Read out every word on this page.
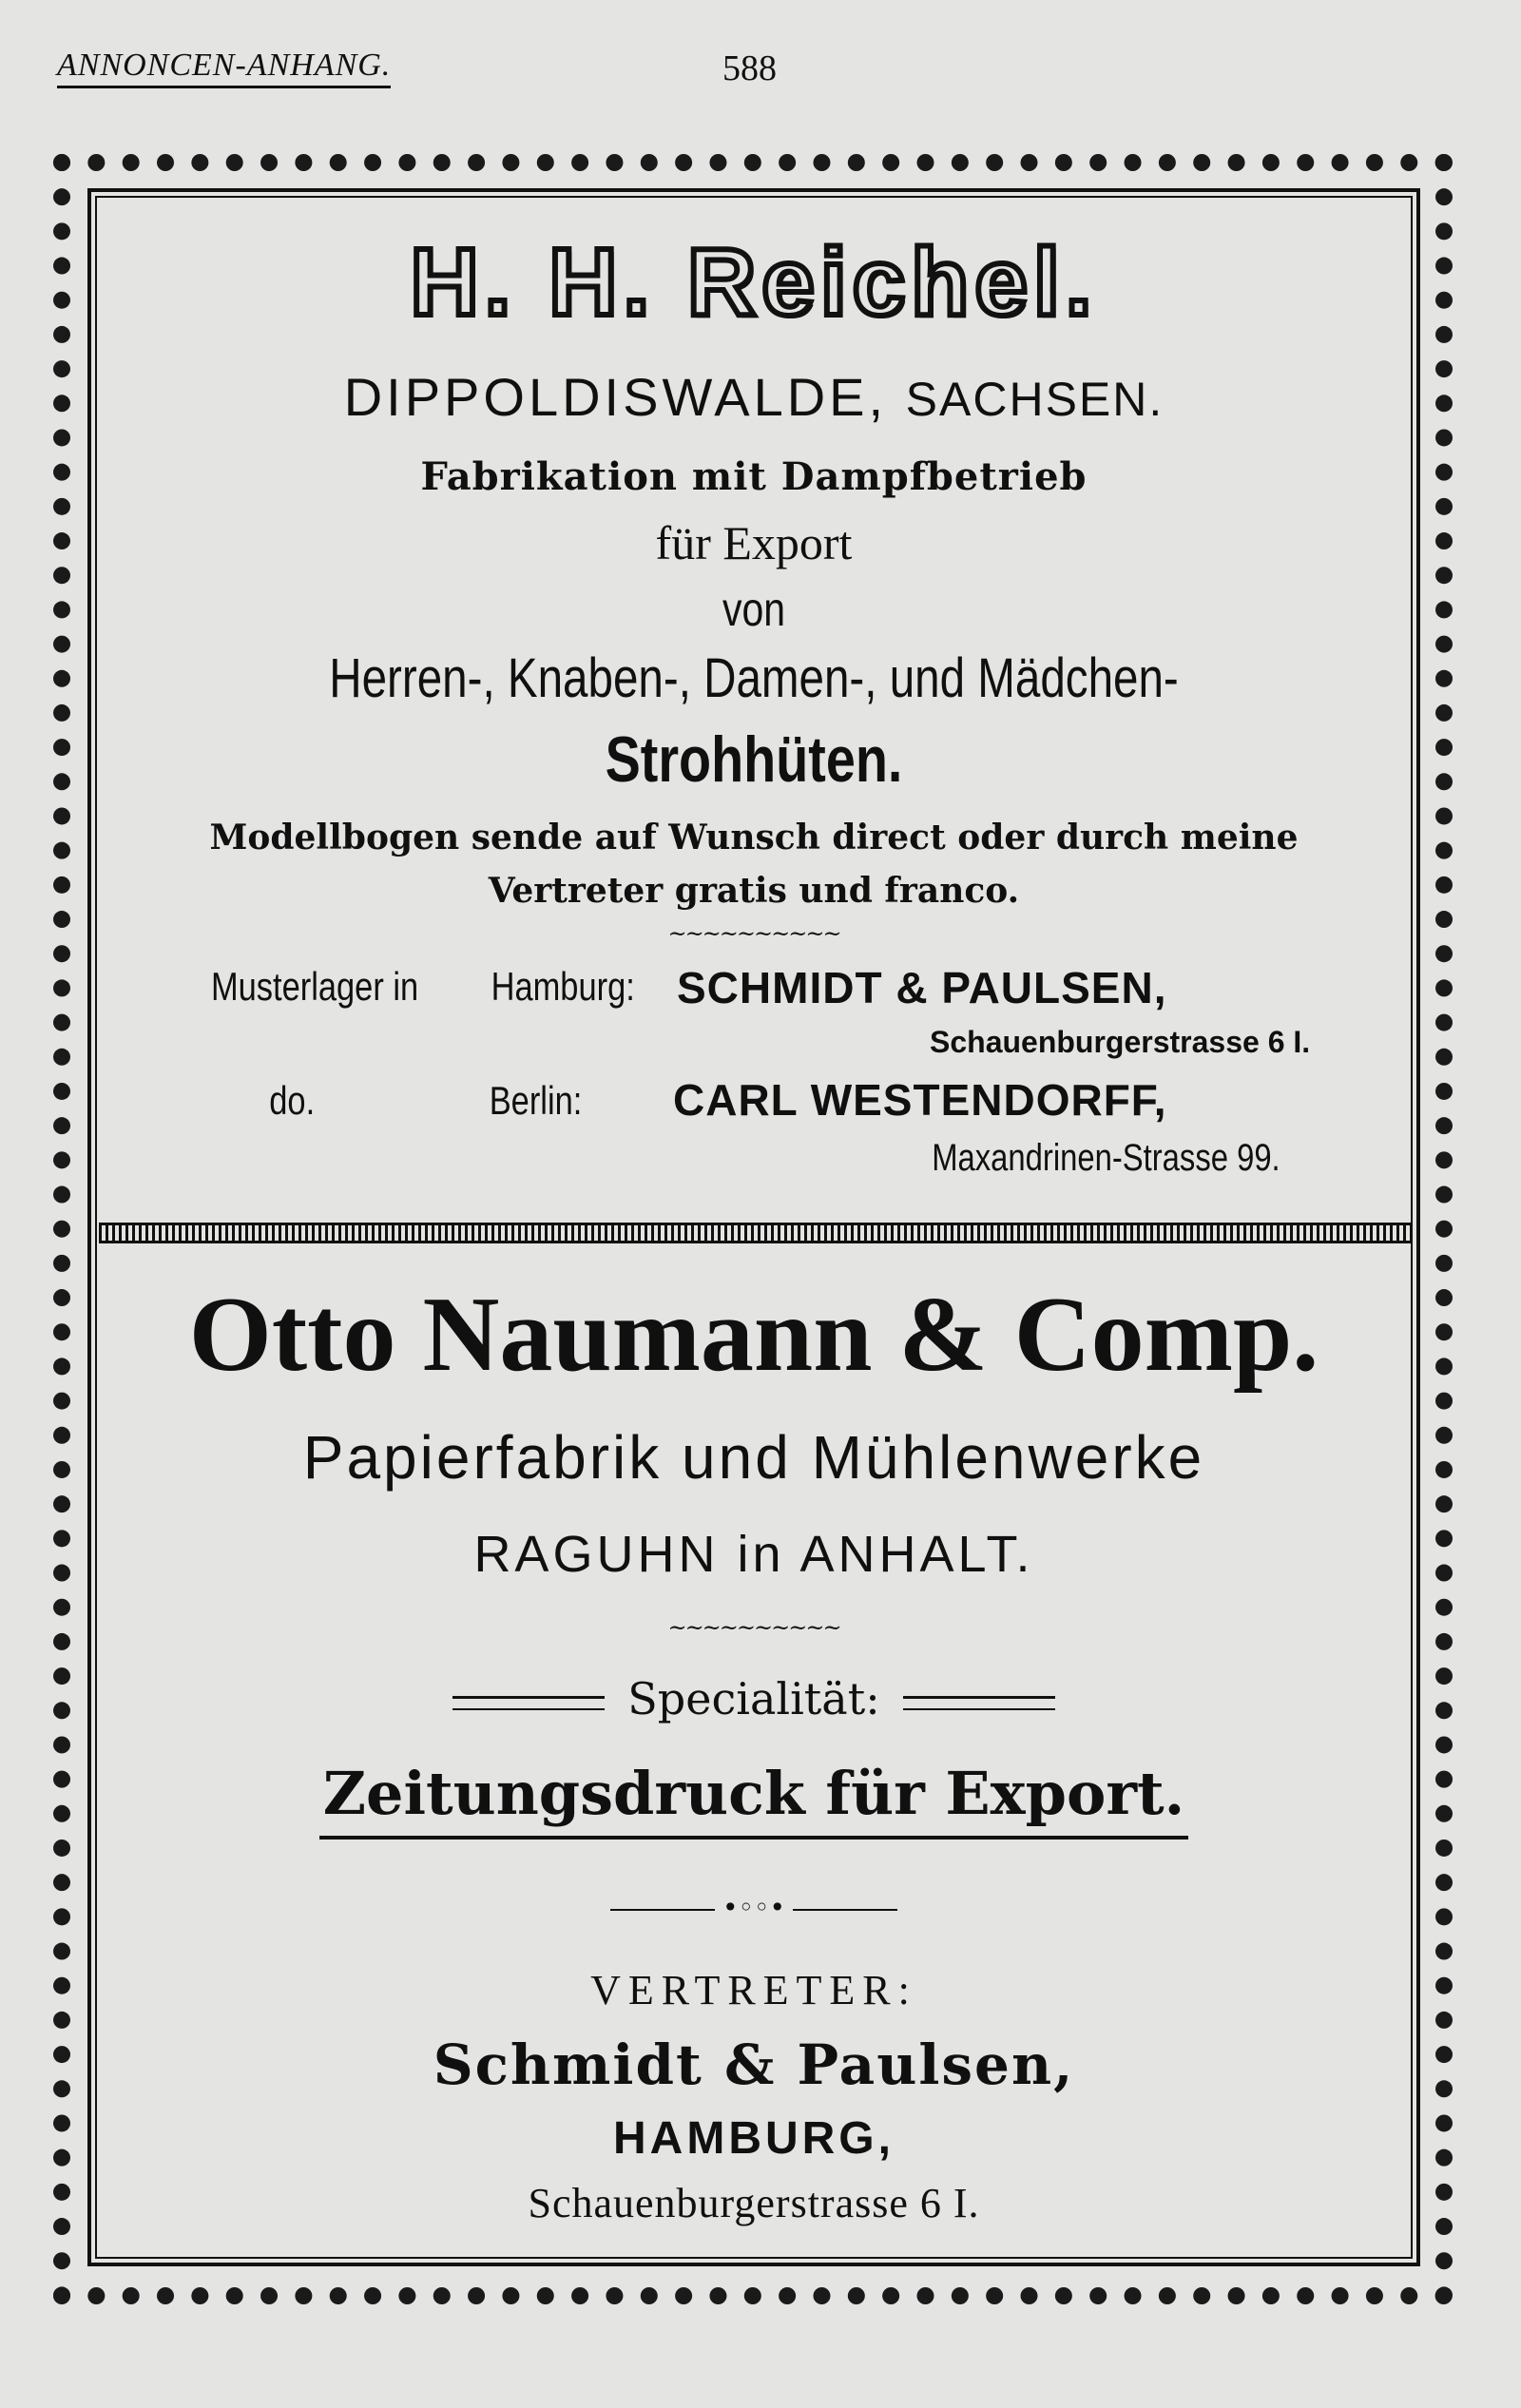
ANNONCEN-ANHANG.	588
H. H. Reichel.
DIPPOLDISWALDE, SACHSEN.
Fabrikation mit Dampfbetrieb
für Export
von
Herren-, Knaben-, Damen-, und Mädchen-
Strohhüten.
Modellbogen sende auf Wunsch direct oder durch meine
Vertreter gratis und franco.
~~~~~~~~~~
Musterlager in Hamburg: SCHMIDT & PAULSEN,
Schauenburgerstrasse 6 I.
do.	Berlin: CARL WESTENDORFF,
Maxandrinen-Strasse 99.
Otto Naumann & Comp.
Papierfabrik und Mühlenwerke
RAGUHN in ANHALT.
~~~~~~~~~~
Specialität:
Zeitungsdruck für Export.
•◦◦•
VERTRETER:
Schmidt & Paulsen,
HAMBURG,
Schauenburgerstrasse 6 I.
